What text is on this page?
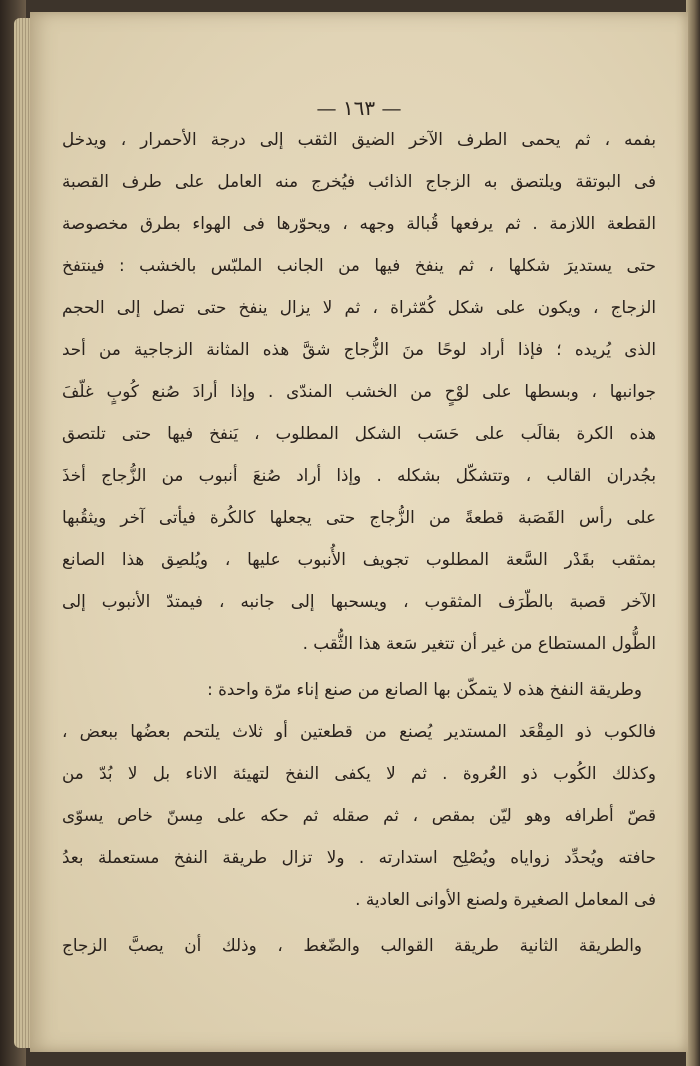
— ١٦٣ —
بفمه ، ثم يحمى الطرف الآخر الضيق الثقب إلى درجة الأحمرار ، ويدخل
فى البوتقة ويلتصق به الزجاج الذائب فيُخرج منه العامل على طرف القصبة
القطعة اللازمة . ثم يرفعها قُبالة وجهه ، ويحوّرها فى الهواء بطرق مخصوصة
حتى يستديرَ شكلها ، ثم ينفخ فيها من الجانب الملبّس بالخشب : فينتفخ
الزجاج ، ويكون على شكل كُمّثراة ، ثم لا يزال ينفخ حتى تصل إلى الحجم
الذى يُريده ؛ فإذا أراد لوحًا منَ الزُّجاج شقَّ هذه المثانة الزجاجية من أحد
جوانبها ، وبسطها على لوْحٍ من الخشب المندّى . وإذا أرادَ صُنع كُوبٍ غلّفَ
هذه الكرة بقالَب على حَسَب الشكل المطلوب ، يَنفخ فيها حتى تلتصق
بجُدران القالب ، وتتشكّل بشكله . وإذا أراد صُنعَ أنبوب من الزُّجاج أخذَ
على رأس القَصَبة قطعةً من الزُّجاج حتى يجعلها كالكُرة فيأتى آخر ويثقُبها
بمثقب بقَدْر السَّعة المطلوب تجويف الأُنبوب عليها ، ويُلصِق هذا الصانع
الآخر قصبة بالطّرَف المثقوب ، ويسحبها إلى جانبه ، فيمتدّ الأنبوب إلى
الطُّول المستطاع من غير أن تتغير سَعة هذا الثُّقب .
وطريقة النفخ هذه لا يتمكّن بها الصانع من صنع إناء مرّة واحدة :
فالكوب ذو المِقْعَد المستدير يُصنع من قطعتين أو ثلاث يلتحم بعضُها ببعض ،
وكذلك الكُوب ذو العُروة . ثم لا يكفى النفخ لتهيئة الاناء بل لا بُدّ من
قصّ أطرافه وهو ليّن بمقص ، ثم صقله ثم حكه على مِسنّ خاص يسوّى
حافته ويُحدِّد زواياه ويُصْلِح استدارته . ولا تزال طريقة النفخ مستعملة بعدُ
فى المعامل الصغيرة ولصنع الأوانى العادية .
والطريقة الثانية طريقة القوالب والضّغط ، وذلك أن يصبَّ الزجاج
